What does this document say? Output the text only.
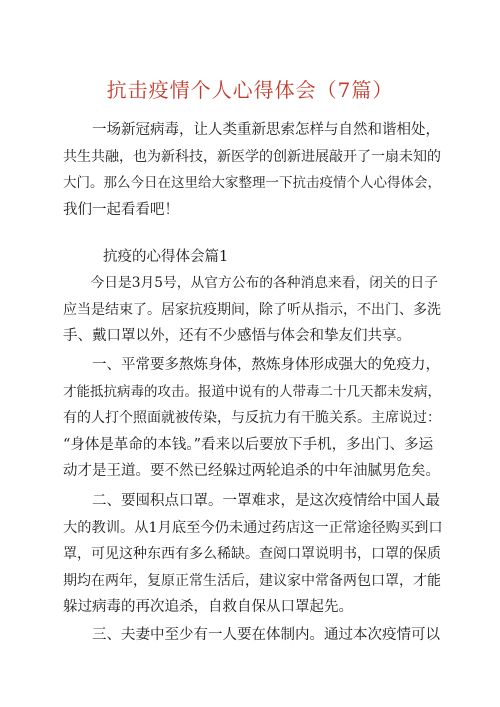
抗击疫情个人心得体会（7篇）
　　一场新冠病毒，让人类重新思索怎样与自然和谐相处，
共生共融，也为新科技，新医学的创新进展敲开了一扇未知的
大门。那么今日在这里给大家整理一下抗击疫情个人心得体会，
我们一起看看吧！
抗疫的心得体会篇1
　　今日是3月5号，从官方公布的各种消息来看，闭关的日子
应当是结束了。居家抗疫期间，除了听从指示，不出门、多洗
手、戴口罩以外，还有不少感悟与体会和挚友们共享。
　　一、平常要多熬炼身体，熬炼身体形成强大的免疫力，
才能抵抗病毒的攻击。报道中说有的人带毒二十几天都未发病，
有的人打个照面就被传染，与反抗力有干脆关系。主席说过：
“身体是革命的本钱。”看来以后要放下手机，多出门、多运
动才是王道。要不然已经躲过两轮追杀的中年油腻男危矣。
　　二、要囤积点口罩。一罩难求，是这次疫情给中国人最
大的教训。从1月底至今仍未通过药店这一正常途径购买到口
罩，可见这种东西有多么稀缺。查阅口罩说明书，口罩的保质
期均在两年，复原正常生活后，建议家中常备两包口罩，才能
躲过病毒的再次追杀，自救自保从口罩起先。
　　三、夫妻中至少有一人要在体制内。通过本次疫情可以
